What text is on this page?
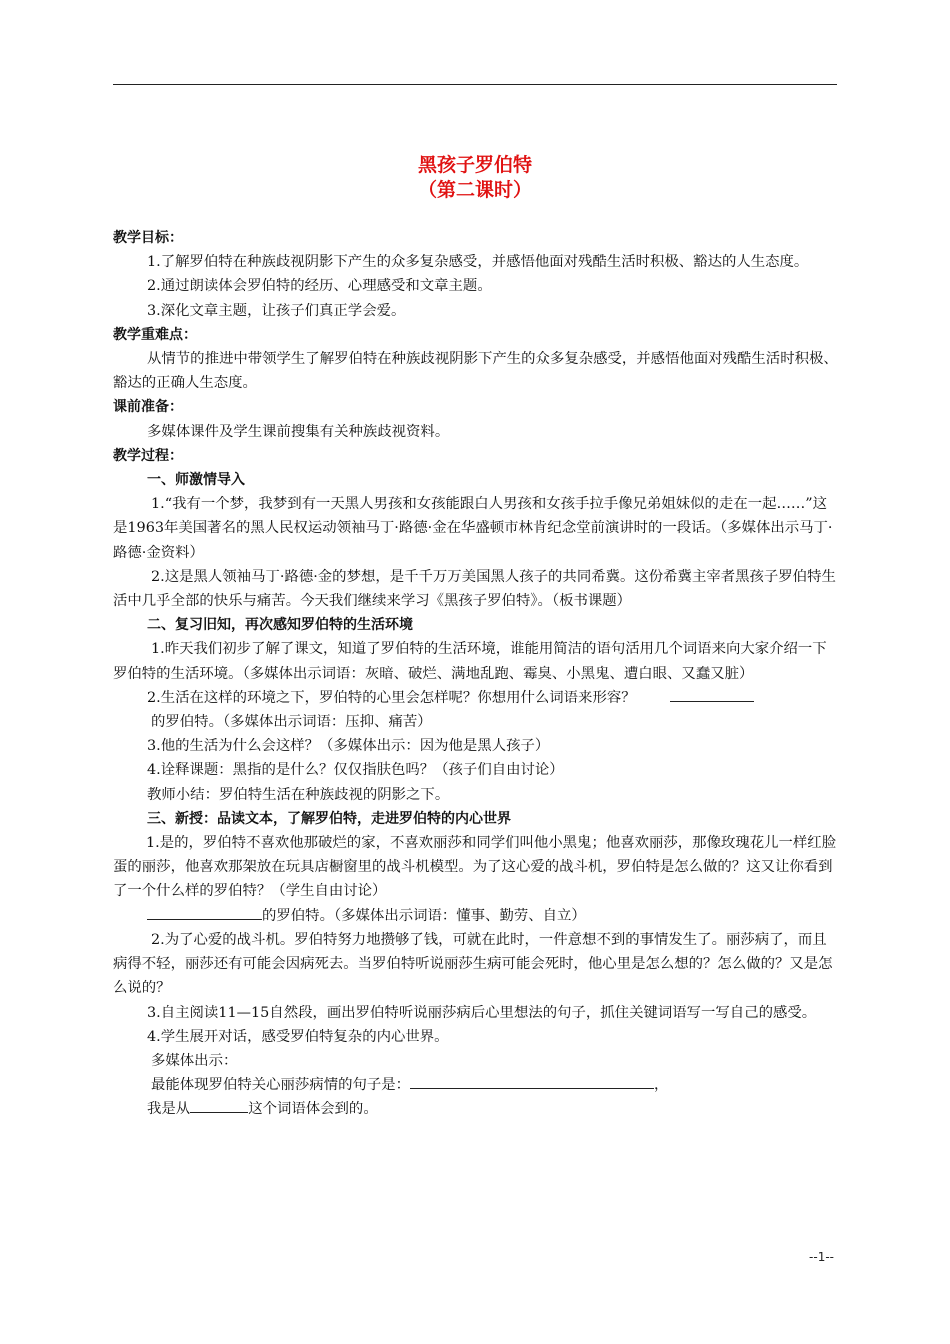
黑孩子罗伯特
（第二课时）

教学目标：

1.了解罗伯特在种族歧视阴影下产生的众多复杂感受，并感悟他面对残酷生活时积极、豁达的人生态度。

2.通过朗读体会罗伯特的经历、心理感受和文章主题。

3.深化文章主题，让孩子们真正学会爱。

教学重难点：

从情节的推进中带领学生了解罗伯特在种族歧视阴影下产生的众多复杂感受，并感悟他面对残酷生活时积极、豁达的正确人生态度。

课前准备：

多媒体课件及学生课前搜集有关种族歧视资料。

教学过程：

一、师激情导入

1.“我有一个梦，我梦到有一天黑人男孩和女孩能跟白人男孩和女孩手拉手像兄弟姐妹似的走在一起……”这是1963年美国著名的黑人民权运动领袖马丁·路德·金在华盛顿市林肯纪念堂前演讲时的一段话。（多媒体出示马丁·路德·金资料）

2.这是黑人领袖马丁·路德·金的梦想，是千千万万美国黑人孩子的共同希冀。这份希冀主宰者黑孩子罗伯特生活中几乎全部的快乐与痛苦。今天我们继续来学习《黑孩子罗伯特》。（板书课题）

二、复习旧知，再次感知罗伯特的生活环境

1.昨天我们初步了解了课文，知道了罗伯特的生活环境，谁能用简洁的语句活用几个词语来向大家介绍一下罗伯特的生活环境。（多媒体出示词语：灰暗、破烂、满地乱跑、霉臭、小黑鬼、遭白眼、又蠢又脏）

2.生活在这样的环境之下，罗伯特的心里会怎样呢？你想用什么词语来形容？

的罗伯特。（多媒体出示词语：压抑、痛苦）

3.他的生活为什么会这样？（多媒体出示：因为他是黑人孩子）

4.诠释课题：黑指的是什么？仅仅指肤色吗？（孩子们自由讨论）

教师小结：罗伯特生活在种族歧视的阴影之下。

三、新授：品读文本，了解罗伯特，走进罗伯特的内心世界

1.是的，罗伯特不喜欢他那破烂的家，不喜欢丽莎和同学们叫他小黑鬼；他喜欢丽莎，那像玫瑰花儿一样红脸蛋的丽莎，他喜欢那架放在玩具店橱窗里的战斗机模型。为了这心爱的战斗机，罗伯特是怎么做的？这又让你看到了一个什么样的罗伯特？（学生自由讨论）

的罗伯特。（多媒体出示词语：懂事、勤劳、自立）

2.为了心爱的战斗机。罗伯特努力地攒够了钱，可就在此时，一件意想不到的事情发生了。丽莎病了，而且病得不轻，丽莎还有可能会因病死去。当罗伯特听说丽莎生病可能会死时，他心里是怎么想的？怎么做的？又是怎么说的？

3.自主阅读11—15自然段，画出罗伯特听说丽莎病后心里想法的句子，抓住关键词语写一写自己的感受。

4.学生展开对话，感受罗伯特复杂的内心世界。

多媒体出示：

最能体现罗伯特关心丽莎病情的句子是：	，

我是从	这个词语体会到的。

--1--
